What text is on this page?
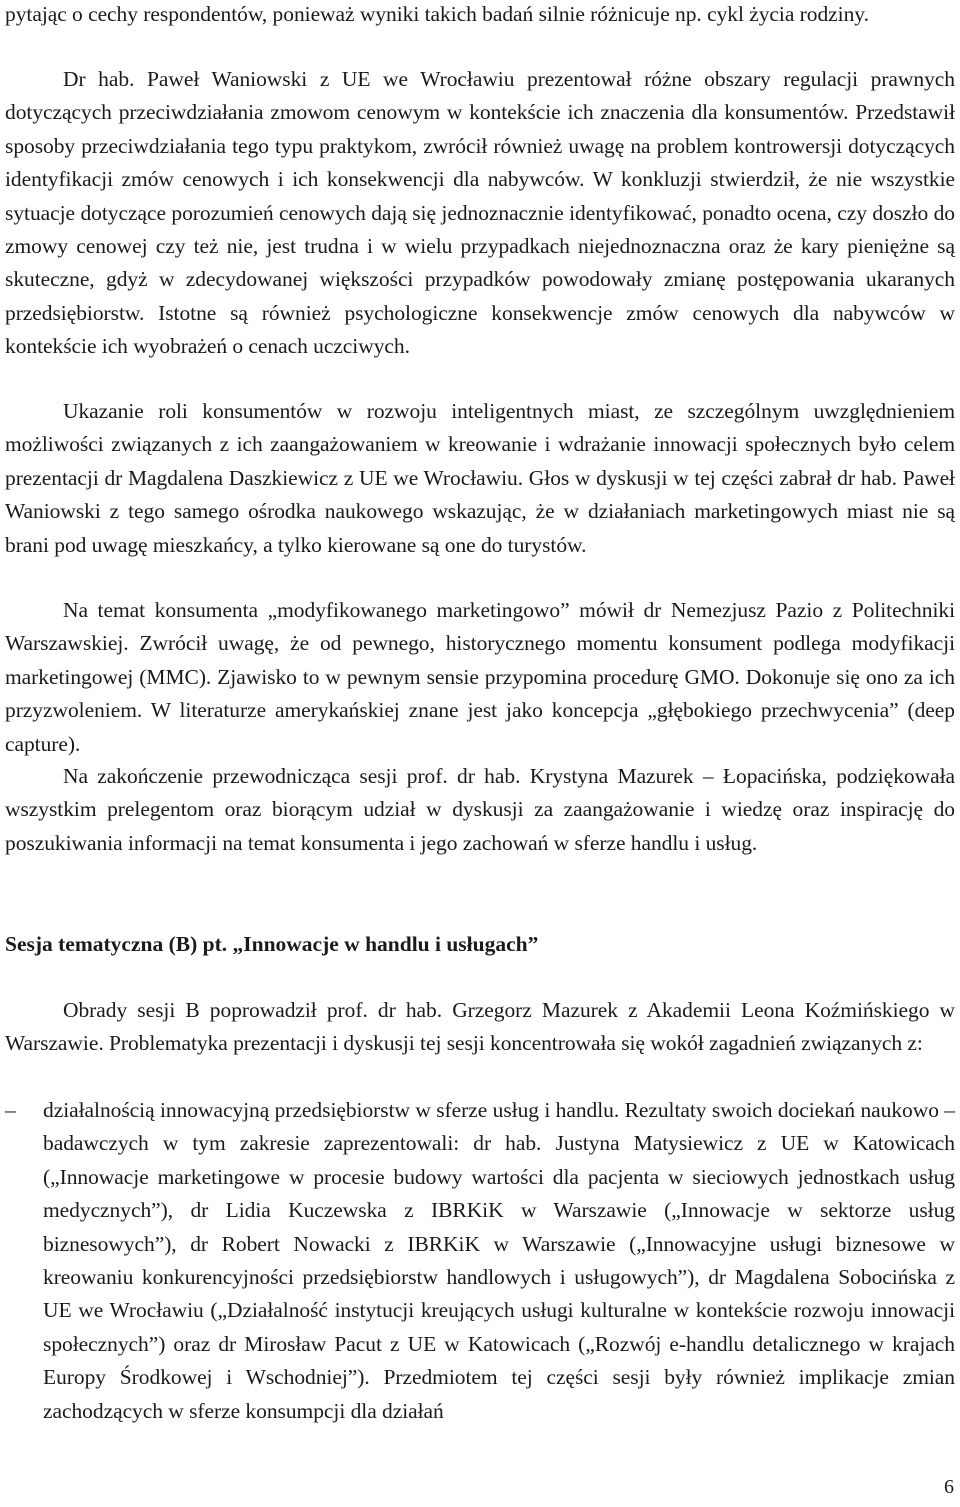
pytając o cechy respondentów, ponieważ wyniki takich badań silnie różnicuje np. cykl życia rodziny.

Dr hab. Paweł Waniowski z UE we Wrocławiu prezentował różne obszary regulacji prawnych dotyczących przeciwdziałania zmowom cenowym w kontekście ich znaczenia dla konsumentów. Przedstawił sposoby przeciwdziałania tego typu praktykom, zwrócił również uwagę na problem kontrowersji dotyczących identyfikacji zmów cenowych i ich konsekwencji dla nabywców. W konkluzji stwierdził, że nie wszystkie sytuacje dotyczące porozumień cenowych dają się jednoznacznie identyfikować, ponadto ocena, czy doszło do zmowy cenowej czy też nie, jest trudna i w wielu przypadkach niejednoznaczna oraz że kary pieniężne są skuteczne, gdyż w zdecydowanej większości przypadków powodowały zmianę postępowania ukaranych przedsiębiorstw. Istotne są również psychologiczne konsekwencje zmów cenowych dla nabywców w kontekście ich wyobrażeń o cenach uczciwych.

Ukazanie roli konsumentów w rozwoju inteligentnych miast, ze szczególnym uwzględnieniem możliwości związanych z ich zaangażowaniem w kreowanie i wdrażanie innowacji społecznych było celem prezentacji dr Magdalena Daszkiewicz z UE we Wrocławiu. Głos w dyskusji w tej części zabrał dr hab. Paweł Waniowski z tego samego ośrodka naukowego wskazując, że w działaniach marketingowych miast nie są brani pod uwagę mieszkańcy, a tylko kierowane są one do turystów.

Na temat konsumenta „modyfikowanego marketingowo” mówił dr Nemezjusz Pazio z Politechniki Warszawskiej. Zwrócił uwagę, że od pewnego, historycznego momentu konsument podlega modyfikacji marketingowej (MMC). Zjawisko to w pewnym sensie przypomina procedurę GMO. Dokonuje się ono za ich przyzwoleniem. W literaturze amerykańskiej znane jest jako koncepcja „głębokiego przechwycenia” (deep capture).

Na zakończenie przewodnicząca sesji prof. dr hab. Krystyna Mazurek – Łopacińska, podziękowała wszystkim prelegentom oraz biorącym udział w dyskusji za zaangażowanie i wiedzę oraz inspirację do poszukiwania informacji na temat konsumenta i jego zachowań w sferze handlu i usług.

Sesja tematyczna (B) pt. „Innowacje w handlu i usługach”

Obrady sesji B poprowadził prof. dr hab. Grzegorz Mazurek z Akademii Leona Koźmińskiego w Warszawie. Problematyka prezentacji i dyskusji tej sesji koncentrowała się wokół zagadnień związanych z:

– działalnością innowacyjną przedsiębiorstw w sferze usług i handlu. Rezultaty swoich dociekań naukowo – badawczych w tym zakresie zaprezentowali: dr hab. Justyna Matysiewicz z UE w Katowicach („Innowacje marketingowe w procesie budowy wartości dla pacjenta w sieciowych jednostkach usług medycznych”), dr Lidia Kuczewska z IBRKiK w Warszawie („Innowacje w sektorze usług biznesowych”), dr Robert Nowacki z IBRKiK w Warszawie („Innowacyjne usługi biznesowe w kreowaniu konkurencyjności przedsiębiorstw handlowych i usługowych”), dr Magdalena Sobocińska z UE we Wrocławiu („Działalność instytucji kreujących usługi kulturalne w kontekście rozwoju innowacji społecznych”) oraz dr Mirosław Pacut z UE w Katowicach („Rozwój e-handlu detalicznego w krajach Europy Środkowej i Wschodniej”). Przedmiotem tej części sesji były również implikacje zmian zachodzących w sferze konsumpcji dla działań

6
